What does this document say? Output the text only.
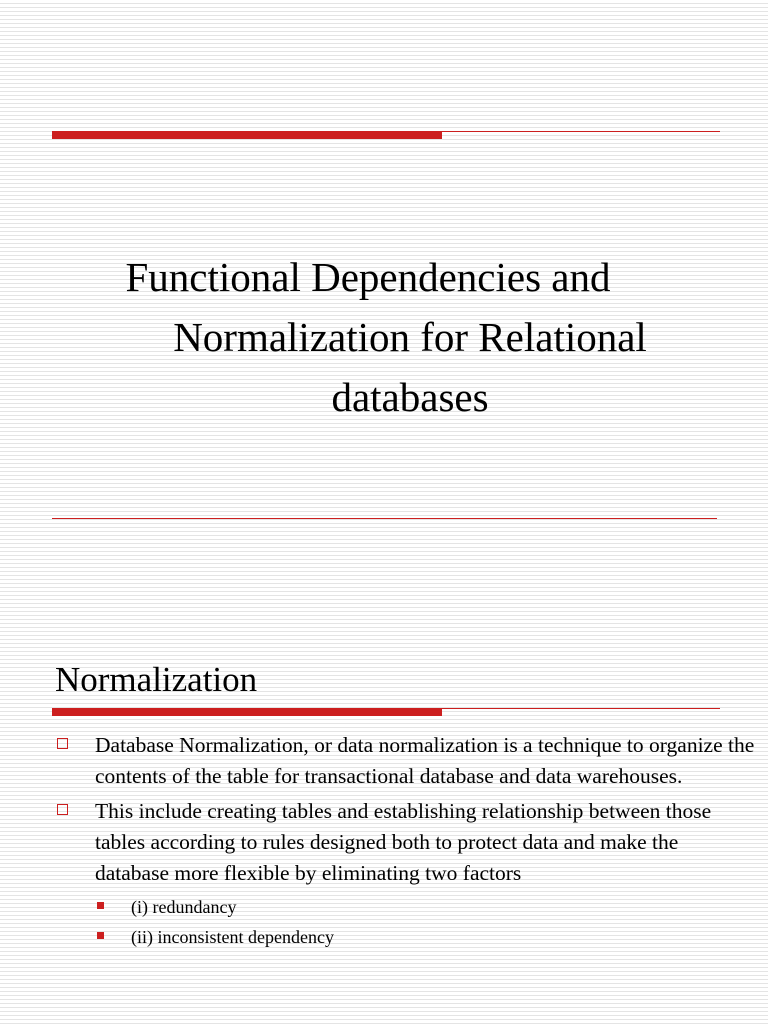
Functional Dependencies and
Normalization for Relational
databases
Normalization
Database Normalization, or data normalization is a technique to organize the contents of the table for transactional database and data warehouses.
This include creating tables and establishing relationship between those tables according to rules designed both to protect data and make the database more flexible by eliminating two factors
(i) redundancy
(ii) inconsistent dependency
